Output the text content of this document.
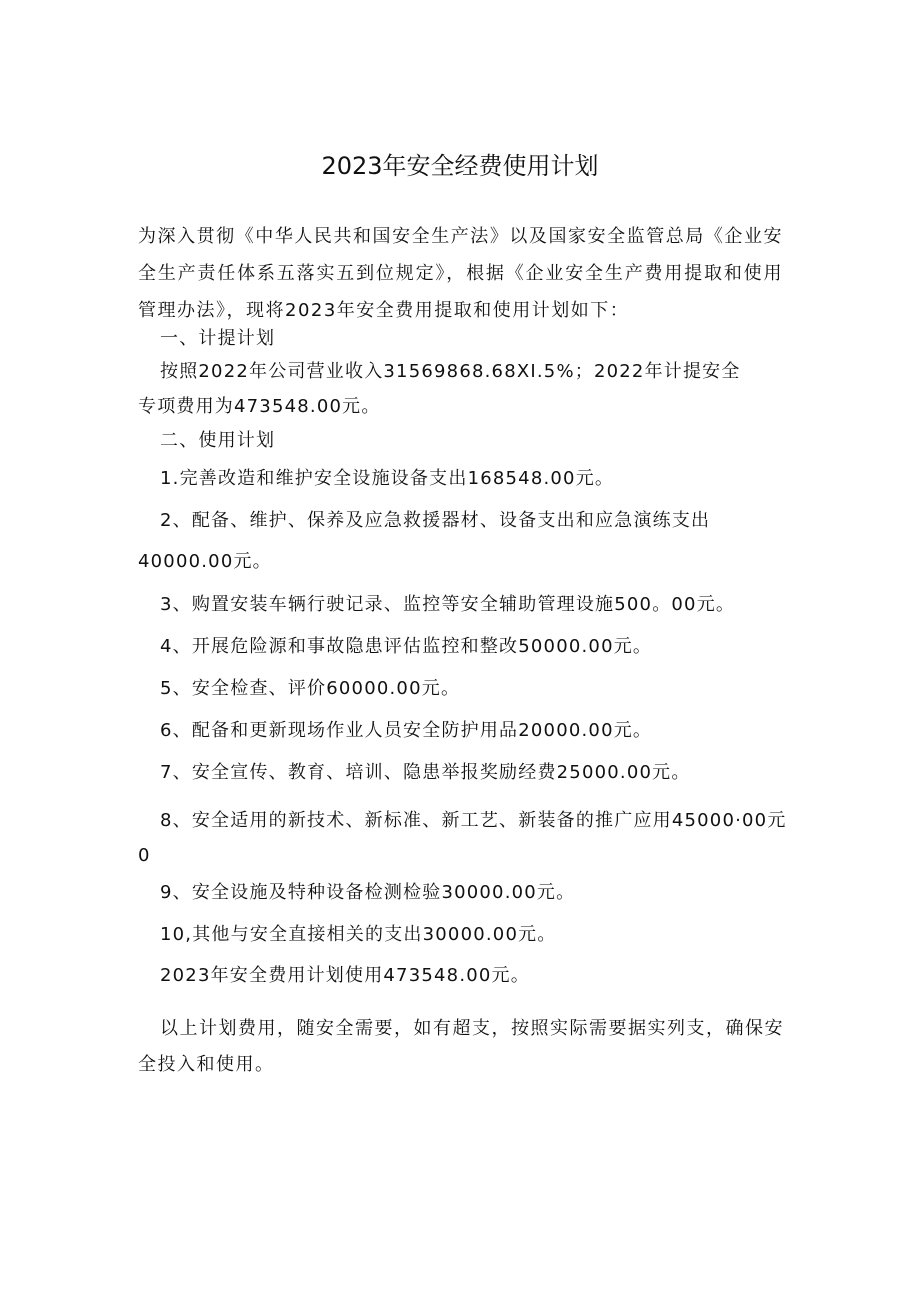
2023年安全经费使用计划
为深入贯彻《中华人民共和国安全生产法》以及国家安全监管总局《企业安全生产责任体系五落实五到位规定》，根据《企业安全生产费用提取和使用管理办法》，现将2023年安全费用提取和使用计划如下：
一、计提计划
按照2022年公司营业收入31569868.68XI.5%；2022年计提安全
专项费用为473548.00元。
二、使用计划
1.完善改造和维护安全设施设备支出168548.00元。
2、配备、维护、保养及应急救援器材、设备支出和应急演练支出
40000.00元。
3、购置安装车辆行驶记录、监控等安全辅助管理设施500。00元。
4、开展危险源和事故隐患评估监控和整改50000.00元。
5、安全检查、评价60000.00元。
6、配备和更新现场作业人员安全防护用品20000.00元。
7、安全宣传、教育、培训、隐患举报奖励经费25000.00元。
8、安全适用的新技术、新标准、新工艺、新装备的推广应用45000·00元
0
9、安全设施及特种设备检测检验30000.00元。
10,其他与安全直接相关的支出30000.00元。
2023年安全费用计划使用473548.00元。
以上计划费用，随安全需要，如有超支，按照实际需要据实列支，确保安全投入和使用。
